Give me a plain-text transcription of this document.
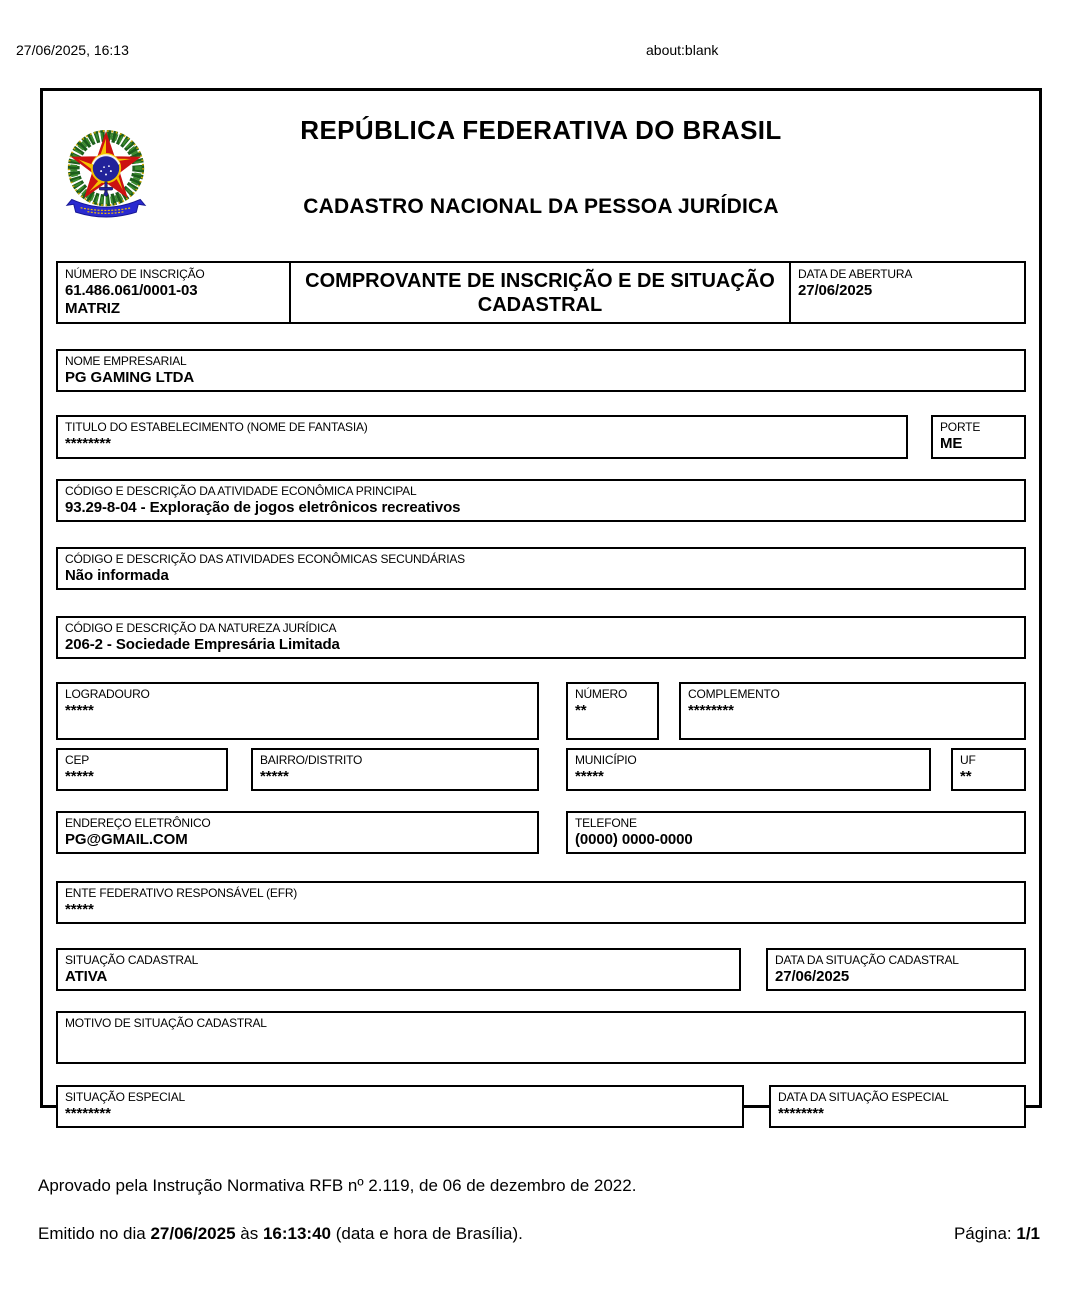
27/06/2025, 16:13	about:blank
REPÚBLICA FEDERATIVA DO BRASIL
CADASTRO NACIONAL DA PESSOA JURÍDICA
NÚMERO DE INSCRIÇÃO
61.486.061/0001-03
MATRIZ
COMPROVANTE DE INSCRIÇÃO E DE SITUAÇÃO CADASTRAL
DATA DE ABERTURA
27/06/2025
NOME EMPRESARIAL
PG GAMING LTDA
TITULO DO ESTABELECIMENTO (NOME DE FANTASIA)
********
PORTE
ME
CÓDIGO E DESCRIÇÃO DA ATIVIDADE ECONÔMICA PRINCIPAL
93.29-8-04 - Exploração de jogos eletrônicos recreativos
CÓDIGO E DESCRIÇÃO DAS ATIVIDADES ECONÔMICAS SECUNDÁRIAS
Não informada
CÓDIGO E DESCRIÇÃO DA NATUREZA JURÍDICA
206-2 - Sociedade Empresária Limitada
LOGRADOURO
*****
NÚMERO
**
COMPLEMENTO
********
CEP
*****
BAIRRO/DISTRITO
*****
MUNICÍPIO
*****
UF
**
ENDEREÇO ELETRÔNICO
PG@GMAIL.COM
TELEFONE
(0000) 0000-0000
ENTE FEDERATIVO RESPONSÁVEL (EFR)
*****
SITUAÇÃO CADASTRAL
ATIVA
DATA DA SITUAÇÃO CADASTRAL
27/06/2025
MOTIVO DE SITUAÇÃO CADASTRAL
SITUAÇÃO ESPECIAL
********
DATA DA SITUAÇÃO ESPECIAL
********
Aprovado pela Instrução Normativa RFB nº 2.119, de 06 de dezembro de 2022.
Emitido no dia 27/06/2025 às 16:13:40 (data e hora de Brasília).	Página: 1/1
